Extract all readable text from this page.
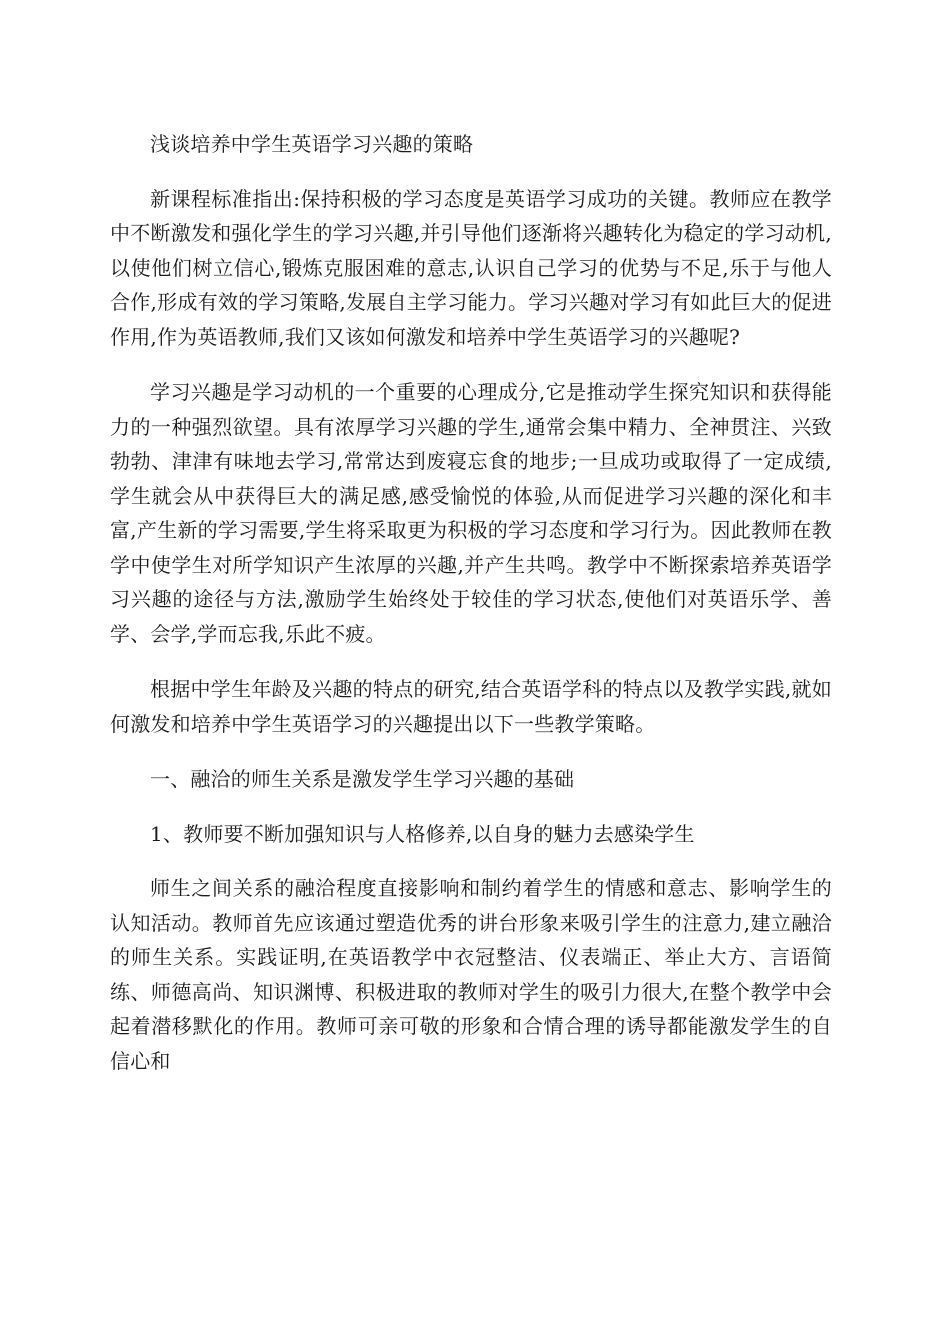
浅谈培养中学生英语学习兴趣的策略

新课程标准指出:保持积极的学习态度是英语学习成功的关键。教师应在教学中不断激发和强化学生的学习兴趣,并引导他们逐渐将兴趣转化为稳定的学习动机,以使他们树立信心,锻炼克服困难的意志,认识自己学习的优势与不足,乐于与他人合作,形成有效的学习策略,发展自主学习能力。学习兴趣对学习有如此巨大的促进作用,作为英语教师,我们又该如何激发和培养中学生英语学习的兴趣呢?

学习兴趣是学习动机的一个重要的心理成分,它是推动学生探究知识和获得能力的一种强烈欲望。具有浓厚学习兴趣的学生,通常会集中精力、全神贯注、兴致勃勃、津津有味地去学习,常常达到废寝忘食的地步;一旦成功或取得了一定成绩,学生就会从中获得巨大的满足感,感受愉悦的体验,从而促进学习兴趣的深化和丰富,产生新的学习需要,学生将采取更为积极的学习态度和学习行为。因此教师在教学中使学生对所学知识产生浓厚的兴趣,并产生共鸣。教学中不断探索培养英语学习兴趣的途径与方法,激励学生始终处于较佳的学习状态,使他们对英语乐学、善学、会学,学而忘我,乐此不疲。

根据中学生年龄及兴趣的特点的研究,结合英语学科的特点以及教学实践,就如何激发和培养中学生英语学习的兴趣提出以下一些教学策略。

一、融洽的师生关系是激发学生学习兴趣的基础

1、教师要不断加强知识与人格修养,以自身的魅力去感染学生

师生之间关系的融洽程度直接影响和制约着学生的情感和意志、影响学生的认知活动。教师首先应该通过塑造优秀的讲台形象来吸引学生的注意力,建立融洽的师生关系。实践证明,在英语教学中衣冠整洁、仪表端正、举止大方、言语简练、师德高尚、知识渊博、积极进取的教师对学生的吸引力很大,在整个教学中会起着潜移默化的作用。教师可亲可敬的形象和合情合理的诱导都能激发学生的自信心和
